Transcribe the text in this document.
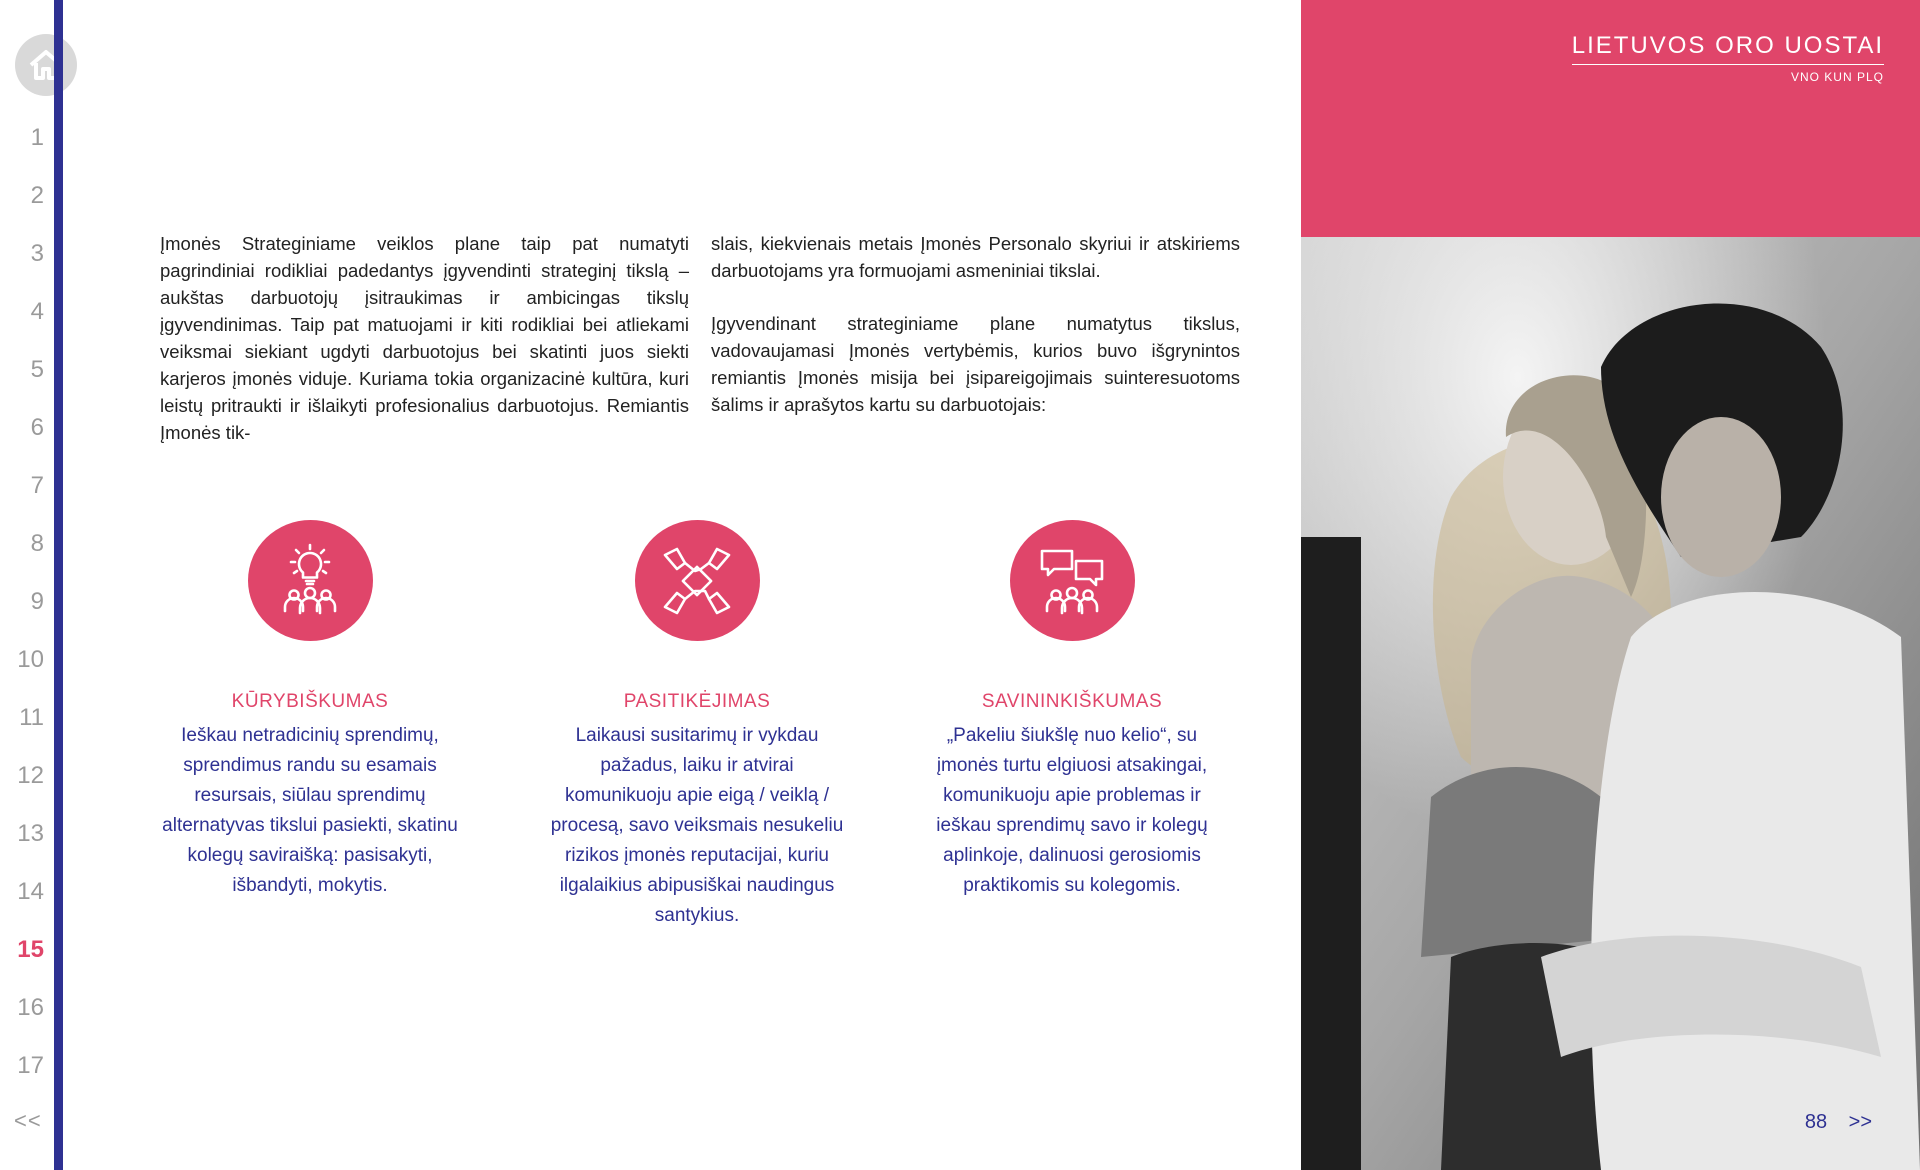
1
2
3
4
5
6
7
8
9
10
11
12
13
14
15
16
17
<<

Įmonės Strateginiame veiklos plane taip pat numatyti pagrindiniai rodikliai padedantys įgyvendinti strateginį tikslą – aukštas darbuotojų įsitraukimas ir ambicingas tikslų įgyvendinimas. Taip pat matuojami ir kiti rodikliai bei atliekami veiksmai siekiant ugdyti darbuotojus bei skatinti juos siekti karjeros įmonės viduje. Kuriama tokia organizacinė kultūra, kuri leistų pritraukti ir išlaikyti profesionalius darbuotojus. Remiantis Įmonės tik-

slais, kiekvienais metais Įmonės Personalo skyriui ir atskiriems darbuotojams yra formuojami asmeniniai tikslai.

Įgyvendinant strateginiame plane numatytus tikslus, vadovaujamasi Įmonės vertybėmis, kurios buvo išgrynintos remiantis Įmonės misija bei įsipareigojimais suinteresuotoms šalims ir aprašytos kartu su darbuotojais:

KŪRYBIŠKUMAS
Ieškau netradicinių sprendimų, sprendimus randu su esamais resursais, siūlau sprendimų alternatyvas tikslui pasiekti, skatinu kolegų saviraišką: pasisakyti, išbandyti, mokytis.
PASITIKĖJIMAS
Laikausi susitarimų ir vykdau pažadus, laiku ir atvirai komunikuoju apie eigą / veiklą / procesą, savo veiksmais nesukeliu rizikos įmonės reputacijai, kuriu ilgalaikius abipusiškai naudingus santykius.
SAVININKIŠKUMAS
„Pakeliu šiukšlę nuo kelio“, su įmonės turtu elgiuosi atsakingai, komunikuoju apie problemas ir ieškau sprendimų savo ir kolegų aplinkoje, dalinuosi gerosiomis praktikomis su kolegomis.
LIETUVOS ORO UOSTAI
VNO KUN PLQ
88 >>
